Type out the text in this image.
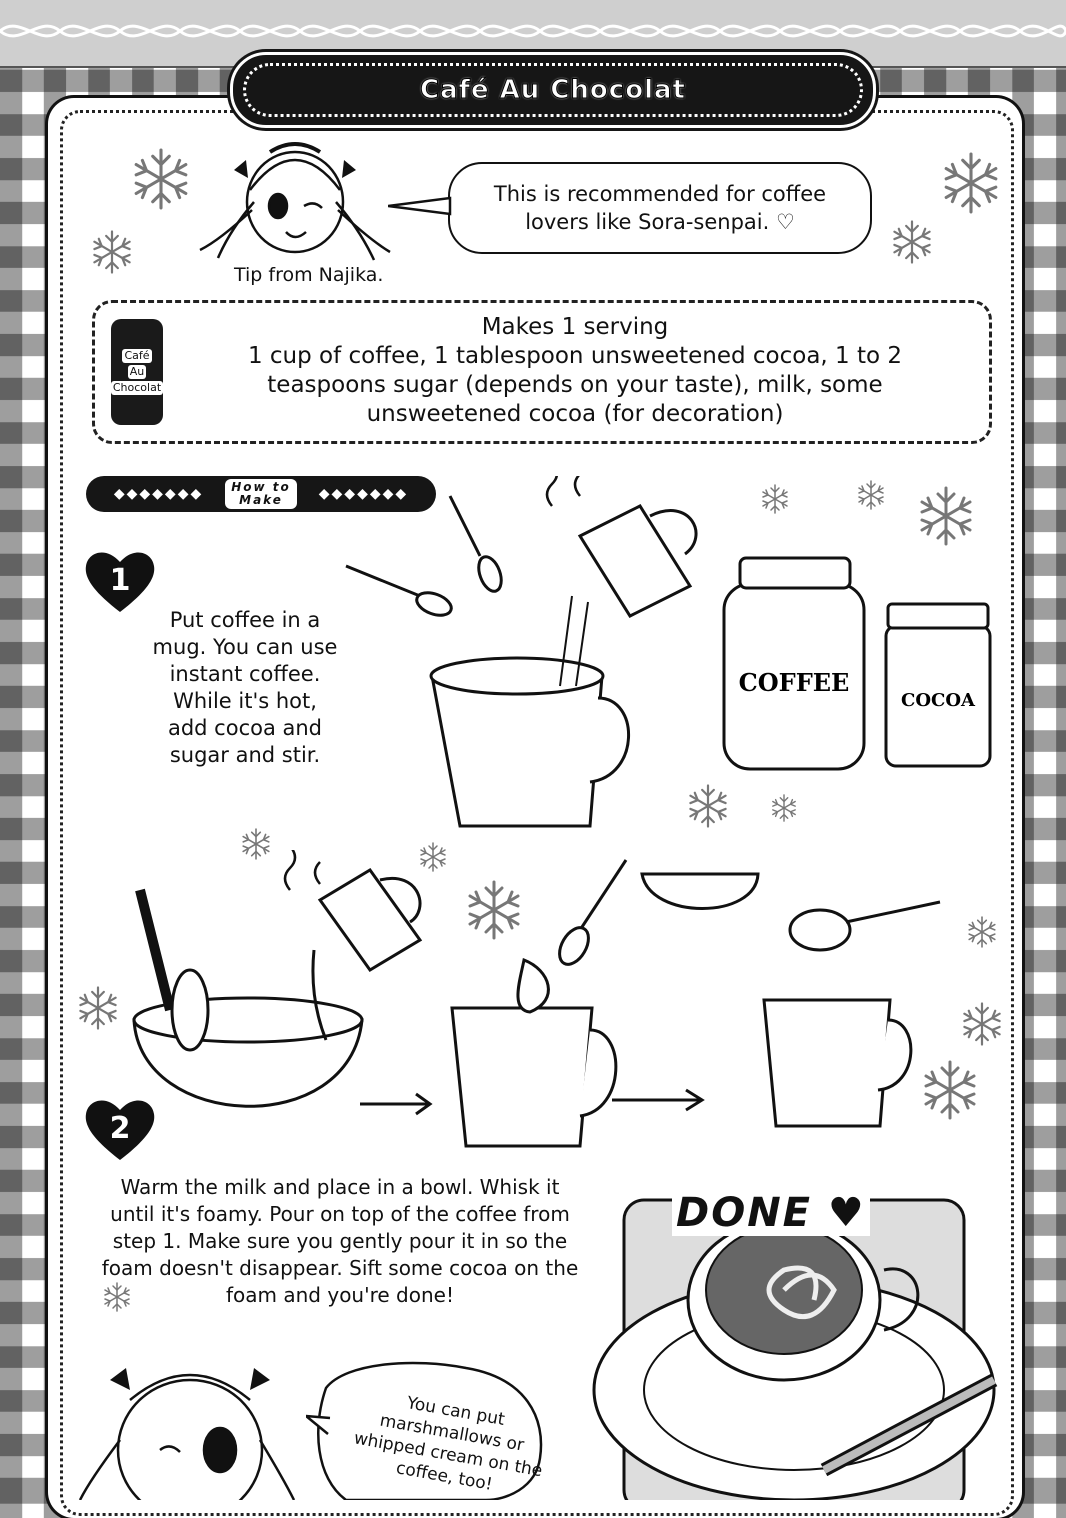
Café Au Chocolat
This is recommended for coffee lovers like Sora-senpai. ♡
Tip from Najika.
Café
Au
Chocolat
Makes 1 serving
1 cup of coffee, 1 tablespoon unsweetened cocoa, 1 to 2 teaspoons sugar (depends on your taste), milk, some unsweetened cocoa (for decoration)
◆◆◆◆◆◆◆	How to
Make	◆◆◆◆◆◆◆
1
Put coffee in a mug. You can use instant coffee. While it's hot, add cocoa and sugar and stir.
COFFEE
COCOA
2
Warm the milk and place in a bowl. Whisk it until it's foamy. Pour on top of the coffee from step 1. Make sure you gently pour it in so the foam doesn't disappear. Sift some cocoa on the foam and you're done!
DONE ♥
You can put marshmallows or whipped cream on the coffee, too!
